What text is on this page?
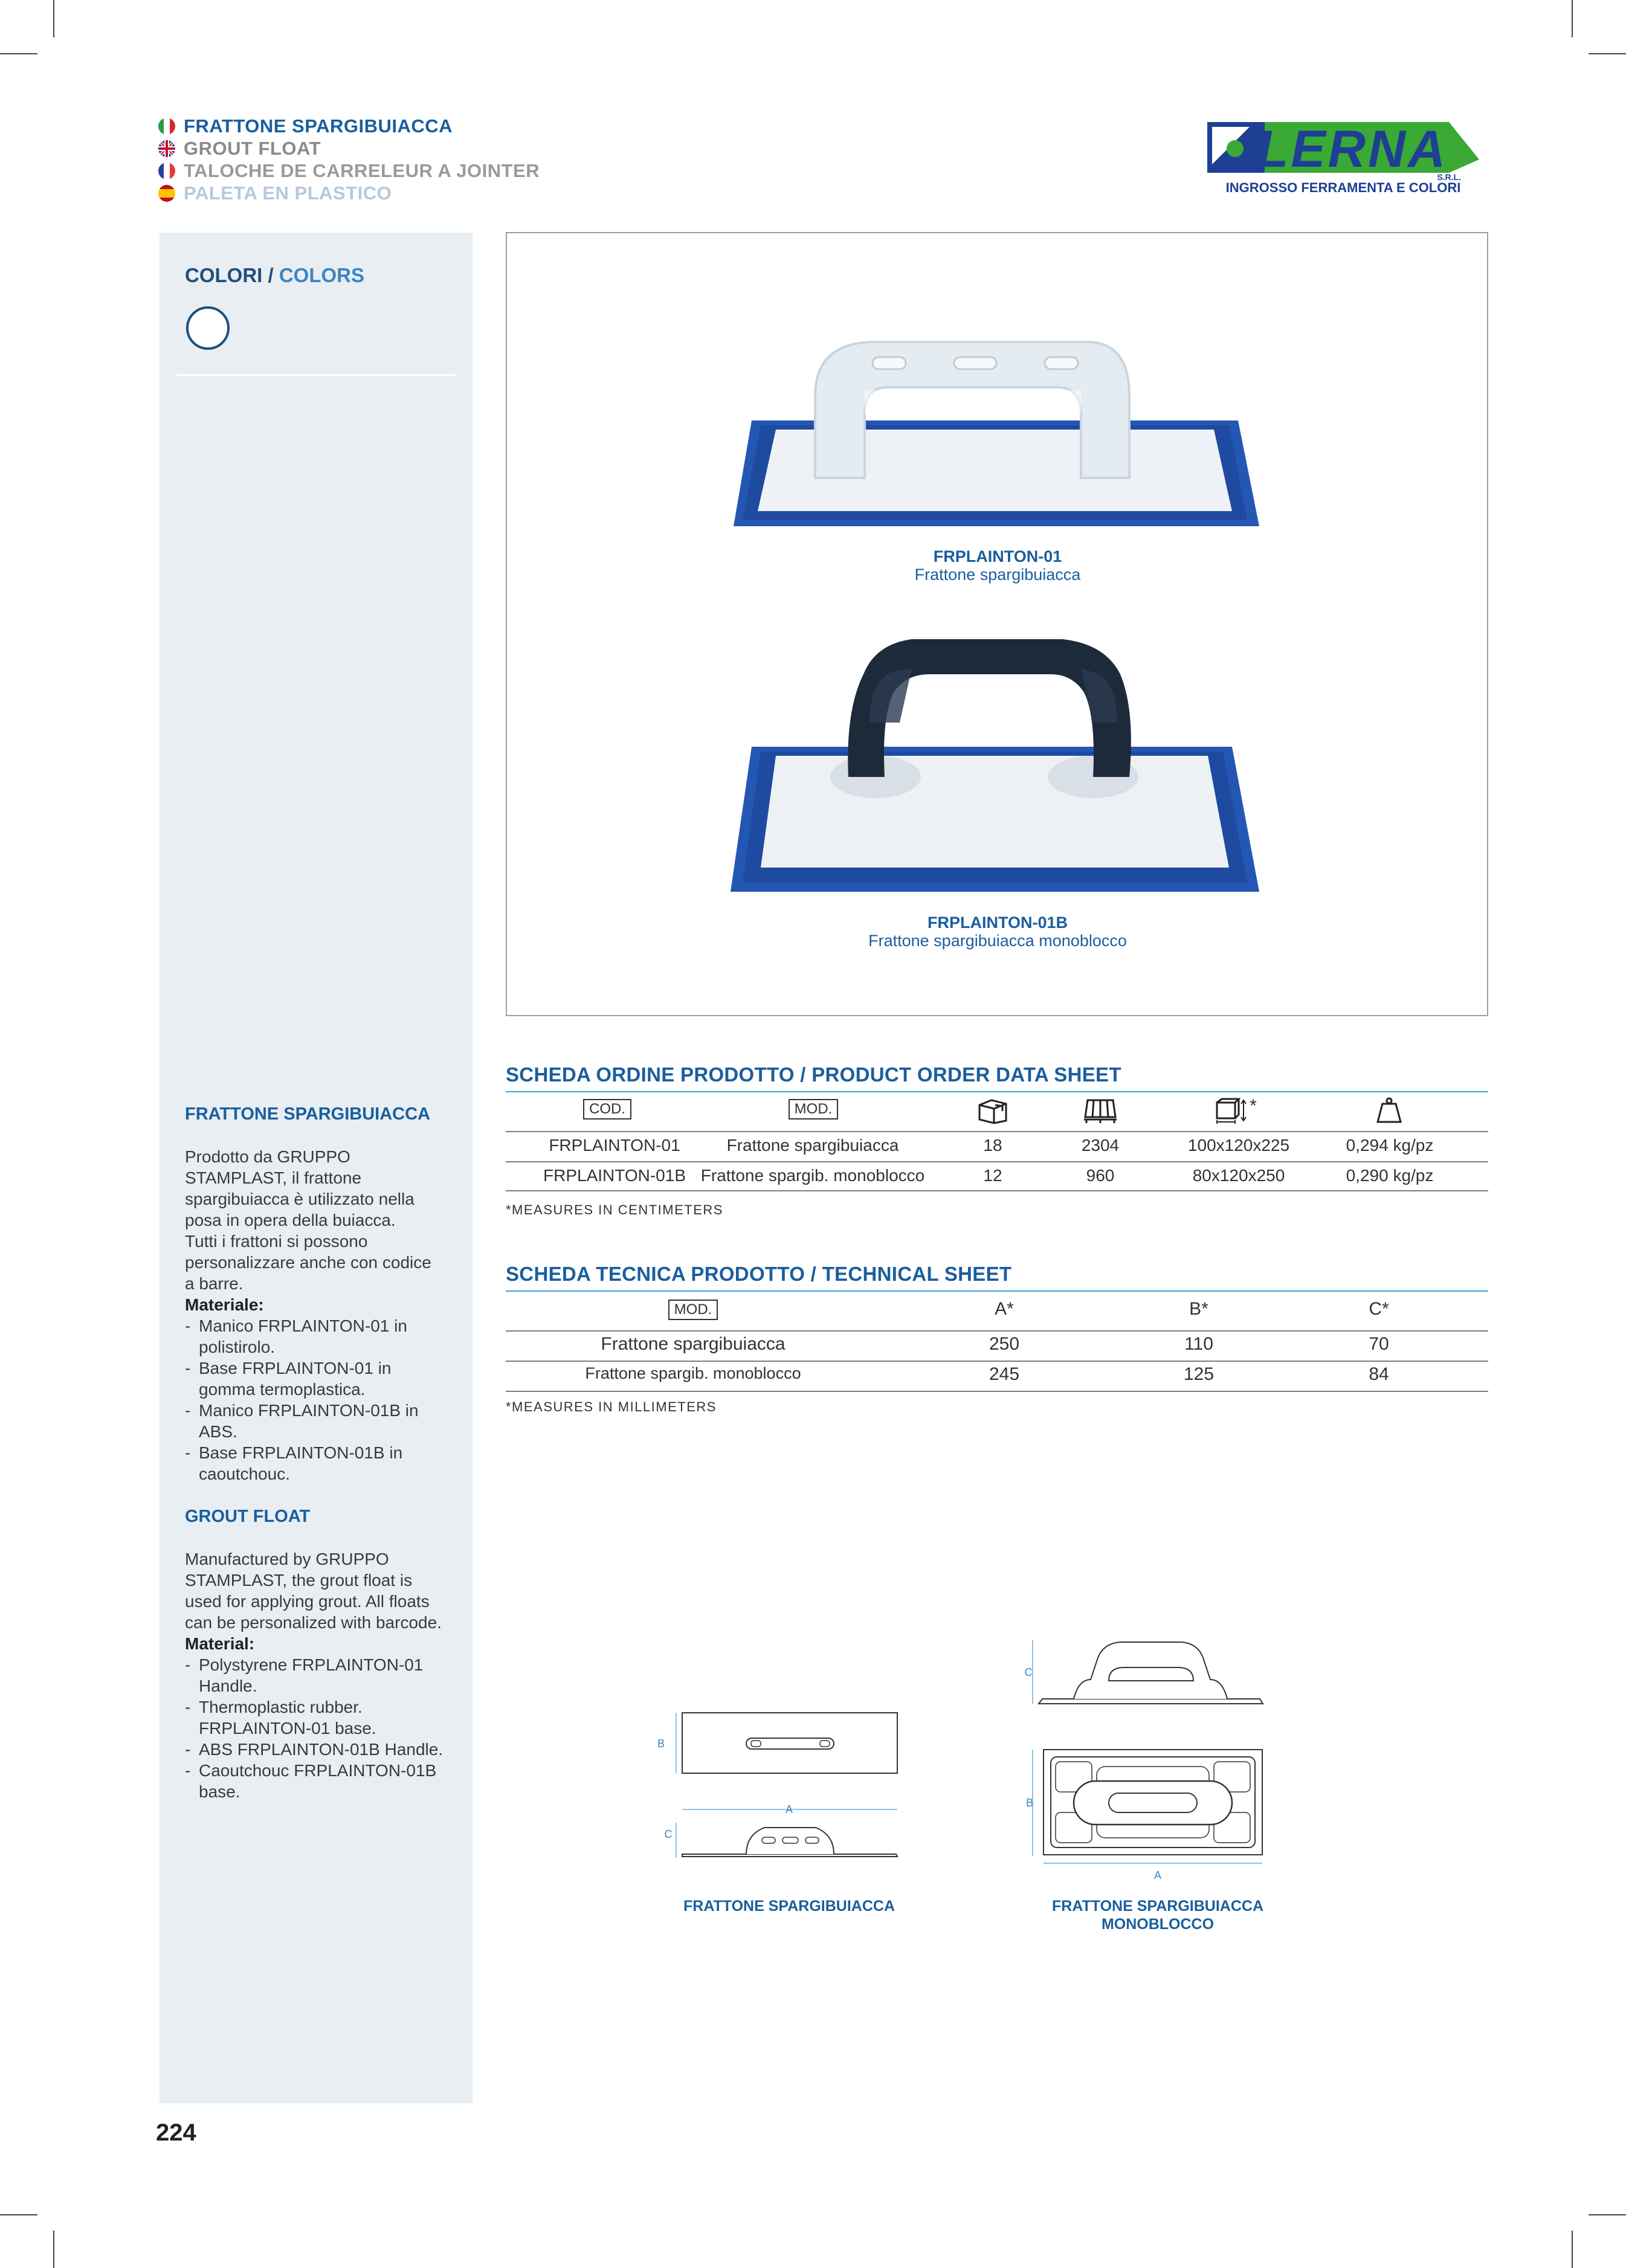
FRATTONE SPARGIBUIACCA
GROUT FLOAT
TALOCHE DE CARRELEUR A JOINTER
PALETA EN PLASTICO
LERNA
S.R.L.
INGROSSO FERRAMENTA E COLORI
COLORI / COLORS
FRATTONE SPARGIBUIACCA
Prodotto da GRUPPO
STAMPLAST, il frattone
spargibuiacca è utilizzato nella
posa in opera della buiacca.
Tutti i frattoni si possono
personalizzare anche con codice
a barre.
Materiale:
- Manico FRPLAINTON-01 in
polistirolo.
- Base FRPLAINTON-01 in
gomma termoplastica.
- Manico FRPLAINTON-01B in
ABS.
- Base FRPLAINTON-01B in
caoutchouc.
GROUT FLOAT
Manufactured by GRUPPO
STAMPLAST, the grout float is
used for applying grout. All floats
can be personalized with barcode.
Material:
- Polystyrene FRPLAINTON-01
Handle.
- Thermoplastic rubber.
FRPLAINTON-01 base.
- ABS FRPLAINTON-01B Handle.
- Caoutchouc FRPLAINTON-01B
base.
FRPLAINTON-01
Frattone spargibuiacca
FRPLAINTON-01B
Frattone spargibuiacca monoblocco
SCHEDA ORDINE PRODOTTO / PRODUCT ORDER DATA SHEET
COD.	MOD.	*
FRPLAINTON-01	Frattone spargibuiacca	18	2304	100x120x225	0,294 kg/pz
FRPLAINTON-01B Frattone spargib. monoblocco	12	960	80x120x250	0,290 kg/pz
*MEASURES IN CENTIMETERS
SCHEDA TECNICA PRODOTTO / TECHNICAL SHEET
MOD.	A*	B*	C*
Frattone spargibuiacca	250	110	70
Frattone spargib. monoblocco	245	125	84
*MEASURES IN MILLIMETERS
B
A
C
C
B
A
FRATTONE SPARGIBUIACCA	FRATTONE SPARGIBUIACCA
MONOBLOCCO
224
